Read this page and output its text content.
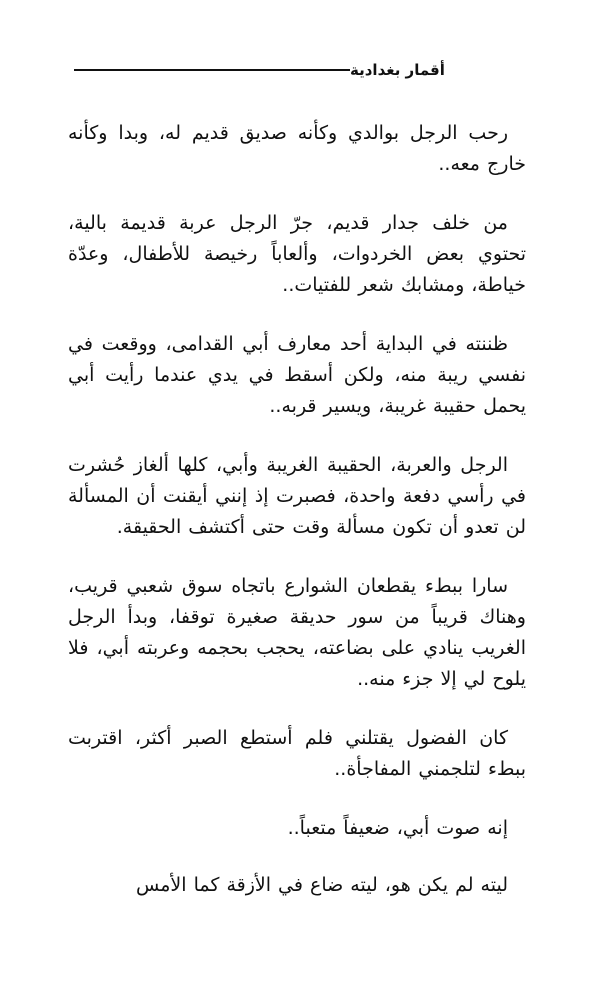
أقمار بغدادية

رحب الرجل بوالدي وكأنه صديق قديم له، وبدا وكأنه خارج معه..

من خلف جدار قديم، جرّ الرجل عربة قديمة بالية، تحتوي بعض الخردوات، وألعاباً رخيصة للأطفال، وعدّة خياطة، ومشابك شعر للفتيات..

ظننته في البداية أحد معارف أبي القدامى، ووقعت في نفسي ريبة منه، ولكن أسقط في يدي عندما رأيت أبي يحمل حقيبة غريبة، ويسير قربه..

الرجل والعربة، الحقيبة الغريبة وأبي، كلها ألغاز حُشرت في رأسي دفعة واحدة، فصبرت إذ إنني أيقنت أن المسألة لن تعدو أن تكون مسألة وقت حتى أكتشف الحقيقة.

سارا ببطء يقطعان الشوارع باتجاه سوق شعبي قريب، وهناك قريباً من سور حديقة صغيرة توقفا، وبدأ الرجل الغريب ينادي على بضاعته، يحجب بحجمه وعربته أبي، فلا يلوح لي إلا جزء منه..

كان الفضول يقتلني فلم أستطع الصبر أكثر، اقتربت ببطء لتلجمني المفاجأة..

إنه صوت أبي، ضعيفاً متعباً..

ليته لم يكن هو، ليته ضاع في الأزقة كما الأمس
